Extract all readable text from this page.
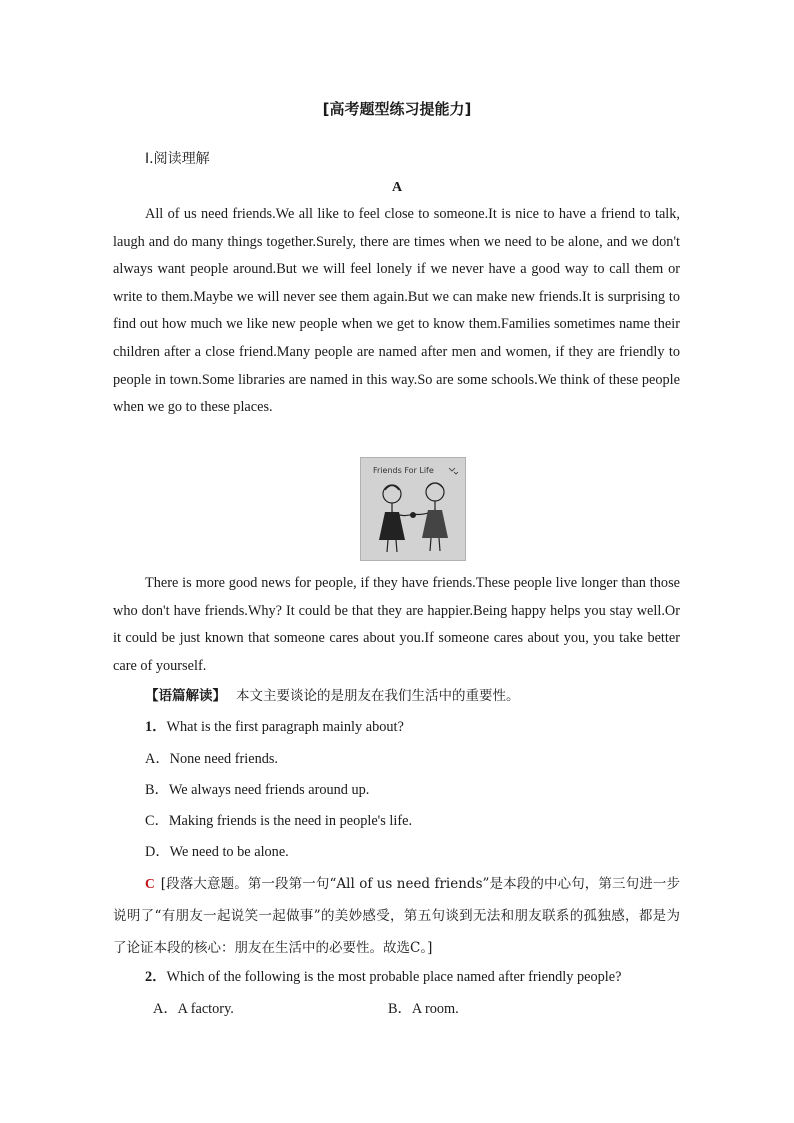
[高考题型练习提能力]
Ⅰ.阅读理解
A

All of us need friends.We all like to feel close to someone.It is nice to have a friend to talk, laugh and do many things together.Surely, there are times when we need to be alone, and we don't always want people around.But we will feel lonely if we never have a good way to call them or write to them.Maybe we will never see them again.But we can make new friends.It is surprising to find out how much we like new people when we get to know them.Families sometimes name their children after a close friend.Many people are named after men and women, if they are friendly to people in town.Some libraries are named in this way.So are some schools.We think of these people when we go to these places.

Friends For Life

There is more good news for people, if they have friends.These people live longer than those who don't have friends.Why? It could be that they are happier.Being happy helps you stay well.Or it could be just known that someone cares about you.If someone cares about you, you take better care of yourself.

【语篇解读】 本文主要谈论的是朋友在我们生活中的重要性。
1．What is the first paragraph mainly about?
A．None need friends.
B．We always need friends around up.
C．Making friends is the need in people's life.
D．We need to be alone.

C [段落大意题。第一段第一句“All of us need friends”是本段的中心句，第三句进一步说明了“有朋友一起说笑一起做事”的美妙感受，第五句谈到无法和朋友联系的孤独感，都是为了论证本段的核心：朋友在生活中的必要性。故选C。]

2．Which of the following is the most probable place named after friendly people?
A．A factory.	B．A room.
